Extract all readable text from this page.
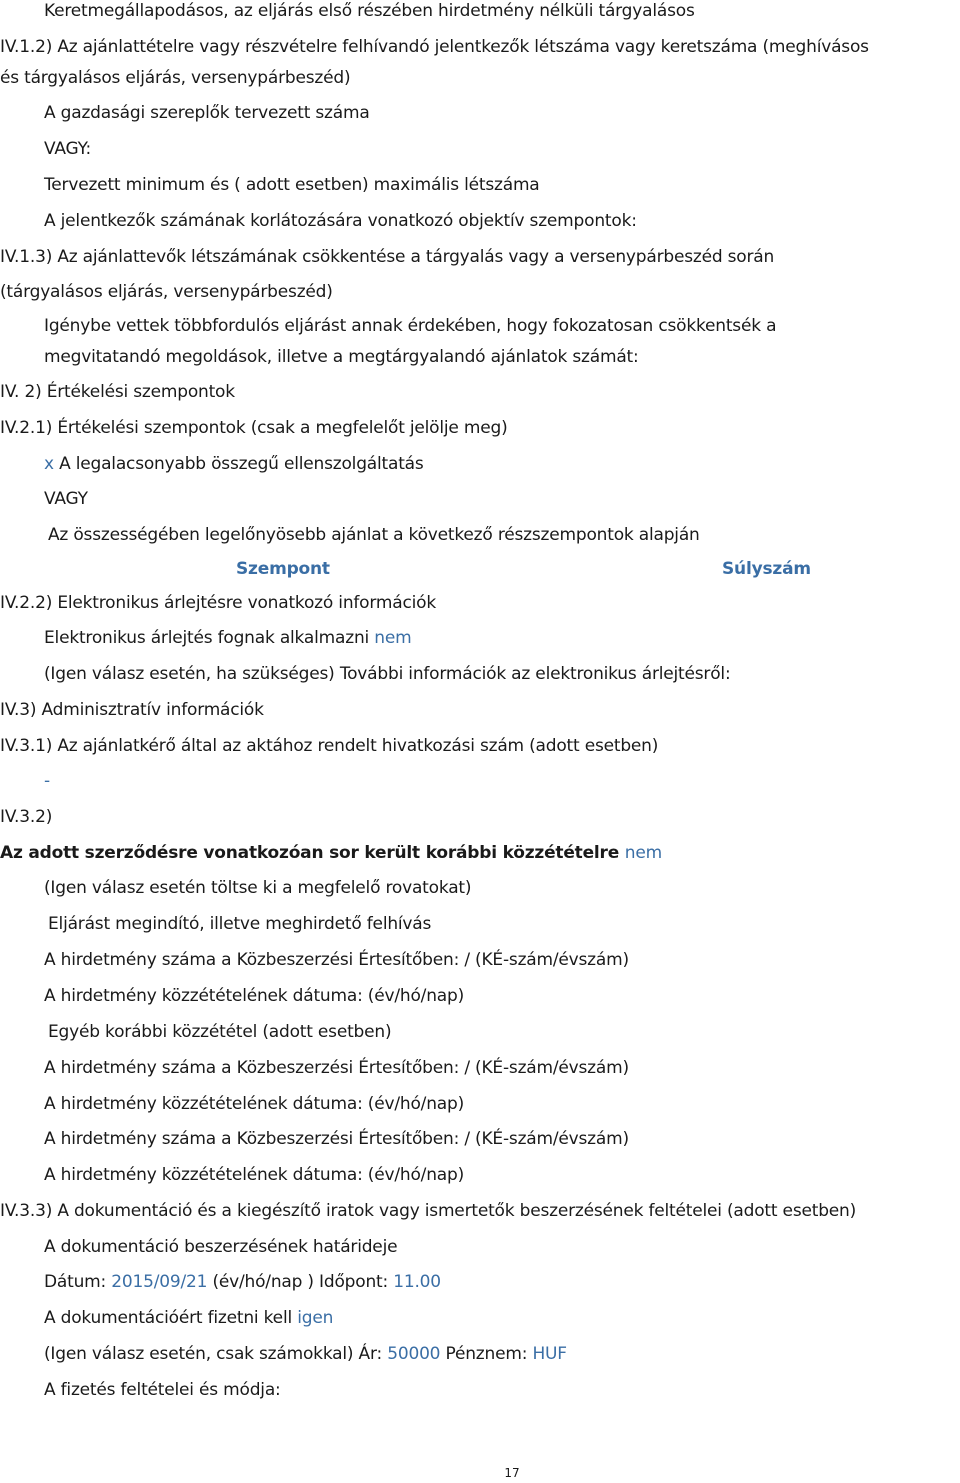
Keretmegállapodásos, az eljárás első részében hirdetmény nélküli tárgyalásos
IV.1.2) Az ajánlattételre vagy részvételre felhívandó jelentkezők létszáma vagy keretszáma (meghívásos
és tárgyalásos eljárás, versenypárbeszéd)
A gazdasági szereplők tervezett száma
VAGY:
Tervezett minimum és ( adott esetben) maximális létszáma
A jelentkezők számának korlátozására vonatkozó objektív szempontok:
IV.1.3) Az ajánlattevők létszámának csökkentése a tárgyalás vagy a versenypárbeszéd során
(tárgyalásos eljárás, versenypárbeszéd)
Igénybe vettek többfordulós eljárást annak érdekében, hogy fokozatosan csökkentsék a
megvitatandó megoldások, illetve a megtárgyalandó ajánlatok számát:
IV. 2) Értékelési szempontok
IV.2.1) Értékelési szempontok (csak a megfelelőt jelölje meg)
x A legalacsonyabb összegű ellenszolgáltatás
VAGY
Az összességében legelőnyösebb ajánlat a következő részszempontok alapján
Szempont	Súlyszám
IV.2.2) Elektronikus árlejtésre vonatkozó információk
Elektronikus árlejtés fognak alkalmazni nem
(Igen válasz esetén, ha szükséges) További információk az elektronikus árlejtésről:
IV.3) Adminisztratív információk
IV.3.1) Az ajánlatkérő által az aktához rendelt hivatkozási szám (adott esetben)
-
IV.3.2)
Az adott szerződésre vonatkozóan sor került korábbi közzétételre nem
(Igen válasz esetén töltse ki a megfelelő rovatokat)
Eljárást megindító, illetve meghirdető felhívás
A hirdetmény száma a Közbeszerzési Értesítőben: / (KÉ-szám/évszám)
A hirdetmény közzétételének dátuma: (év/hó/nap)
Egyéb korábbi közzététel (adott esetben)
A hirdetmény száma a Közbeszerzési Értesítőben: / (KÉ-szám/évszám)
A hirdetmény közzétételének dátuma: (év/hó/nap)
A hirdetmény száma a Közbeszerzési Értesítőben: / (KÉ-szám/évszám)
A hirdetmény közzétételének dátuma: (év/hó/nap)
IV.3.3) A dokumentáció és a kiegészítő iratok vagy ismertetők beszerzésének feltételei (adott esetben)
A dokumentáció beszerzésének határideje
Dátum: 2015/09/21 (év/hó/nap ) Időpont: 11.00
A dokumentációért fizetni kell igen
(Igen válasz esetén, csak számokkal) Ár: 50000 Pénznem: HUF
A fizetés feltételei és módja:
17
